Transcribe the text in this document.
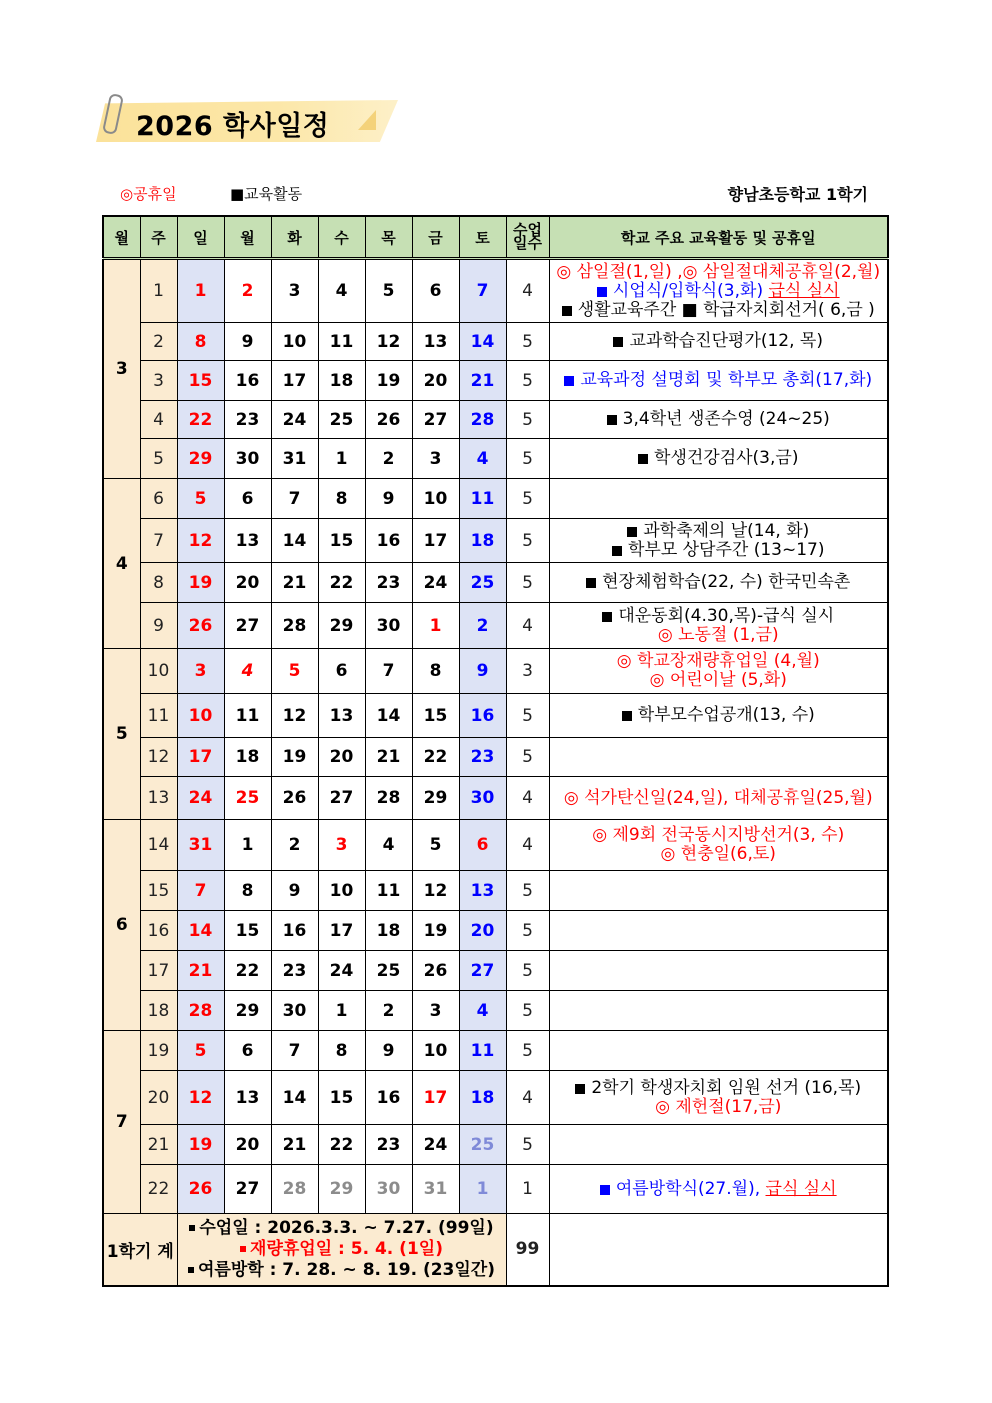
2026 학사일정
◎공휴일	■교육활동	향남초등학교 1학기
월	주	일	월	화	수	목	금	토	수업
일수	학교 주요 교육활동 및 공휴일
3	1	1	2	3	4	5	6	7	4	◎ 삼일절(1,일) ,◎ 삼일절대체공휴일(2,월)
시업식/입학식(3,화) 급식 실시
생활교육주간 ■ 학급자치회선거( 6,금 )

	2	8	9	10	11	12	13	14	5	교과학습진단평가(12, 목)

	3	15	16	17	18	19	20	21	5	교육과정 설명회 및 학부모 총회(17,화)

	4	22	23	24	25	26	27	28	5	3,4학년 생존수영 (24~25)

	5	29	30	31	1	2	3	4	5	학생건강검사(3,금)

4	6	5	6	7	8	9	10	11	5	
	7	12	13	14	15	16	17	18	5	과학축제의 날(14, 화)
학부모 상담주간 (13~17)

	8	19	20	21	22	23	24	25	5	현장체험학습(22, 수) 한국민속촌

	9	26	27	28	29	30	1	2	4	대운동회(4.30,목)-급식 실시
◎ 노동절 (1,금)

5	10	3	4	5	6	7	8	9	3	◎ 학교장재량휴업일 (4,월)
◎ 어린이날 (5,화)

	11	10	11	12	13	14	15	16	5	학부모수업공개(13, 수)

	12	17	18	19	20	21	22	23	5	
	13	24	25	26	27	28	29	30	4	◎ 석가탄신일(24,일), 대체공휴일(25,월)

6	14	31	1	2	3	4	5	6	4	◎ 제9회 전국동시지방선거(3, 수)
◎ 현충일(6,토)

	15	7	8	9	10	11	12	13	5	
	16	14	15	16	17	18	19	20	5	
	17	21	22	23	24	25	26	27	5	
	18	28	29	30	1	2	3	4	5	
7	19	5	6	7	8	9	10	11	5	
	20	12	13	14	15	16	17	18	4	2학기 학생자치회 임원 선거 (16,목)
◎ 제헌절(17,금)

	21	19	20	21	22	23	24	25	5	
	22	26	27	28	29	30	31	1	1	여름방학식(27.월), 급식 실시

1학기 계		수업일 : 2026.3.3. ~ 7.27. (99일)
재량휴업일 : 5. 4. (1일)
여름방학 : 7. 28. ~ 8. 19. (23일간)							99	
